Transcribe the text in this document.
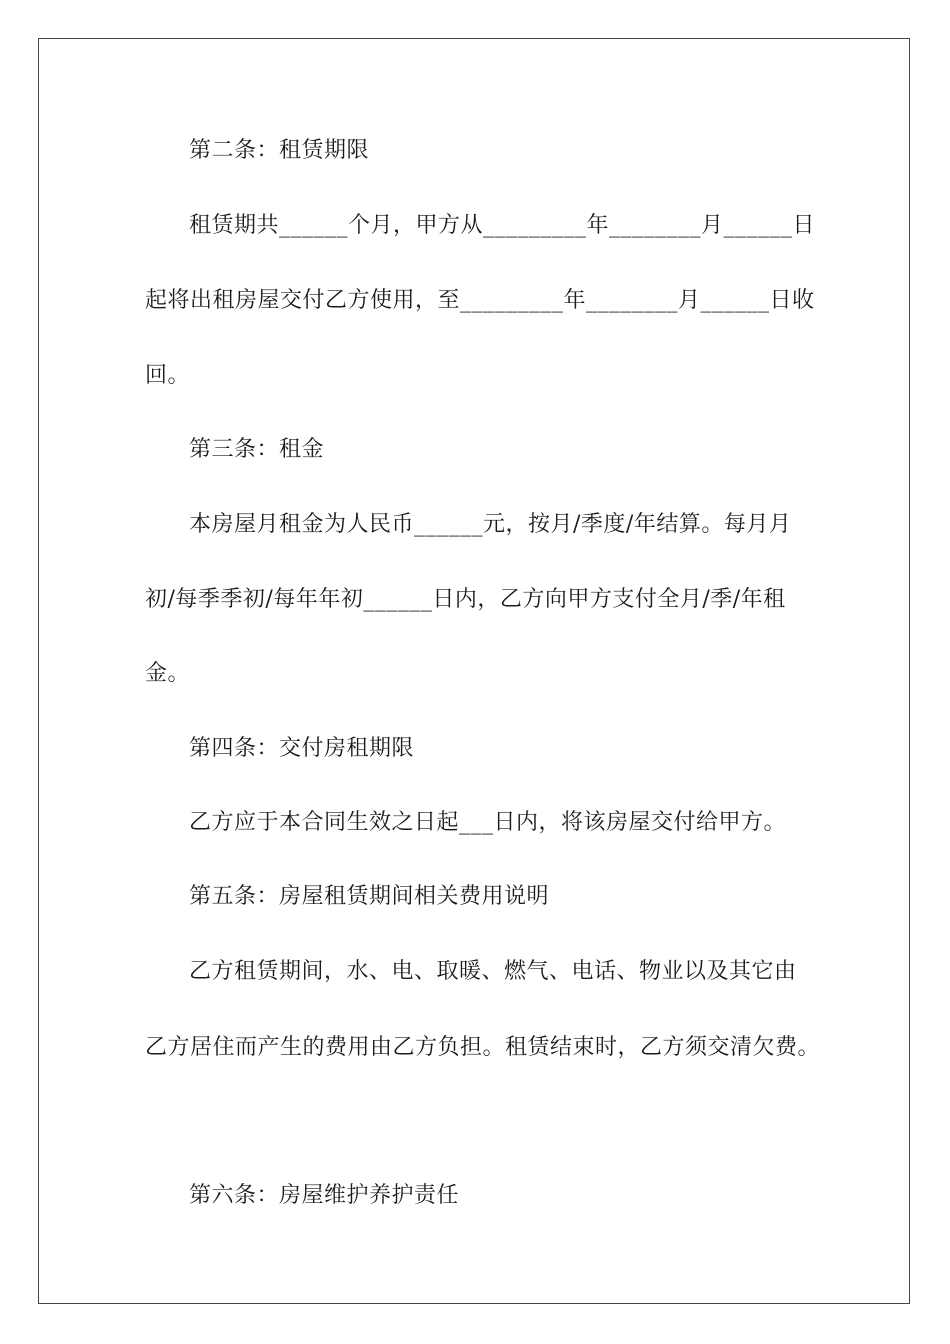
第二条：租赁期限
租赁期共______个月，甲方从_________年________月______日
起将出租房屋交付乙方使用，至_________年________月______日收
回。
第三条：租金
本房屋月租金为人民币______元，按月/季度/年结算。每月月
初/每季季初/每年年初______日内，乙方向甲方支付全月/季/年租
金。
第四条：交付房租期限
乙方应于本合同生效之日起___日内，将该房屋交付给甲方。
第五条：房屋租赁期间相关费用说明
乙方租赁期间，水、电、取暖、燃气、电话、物业以及其它由
乙方居住而产生的费用由乙方负担。租赁结束时，乙方须交清欠费。
第六条：房屋维护养护责任
